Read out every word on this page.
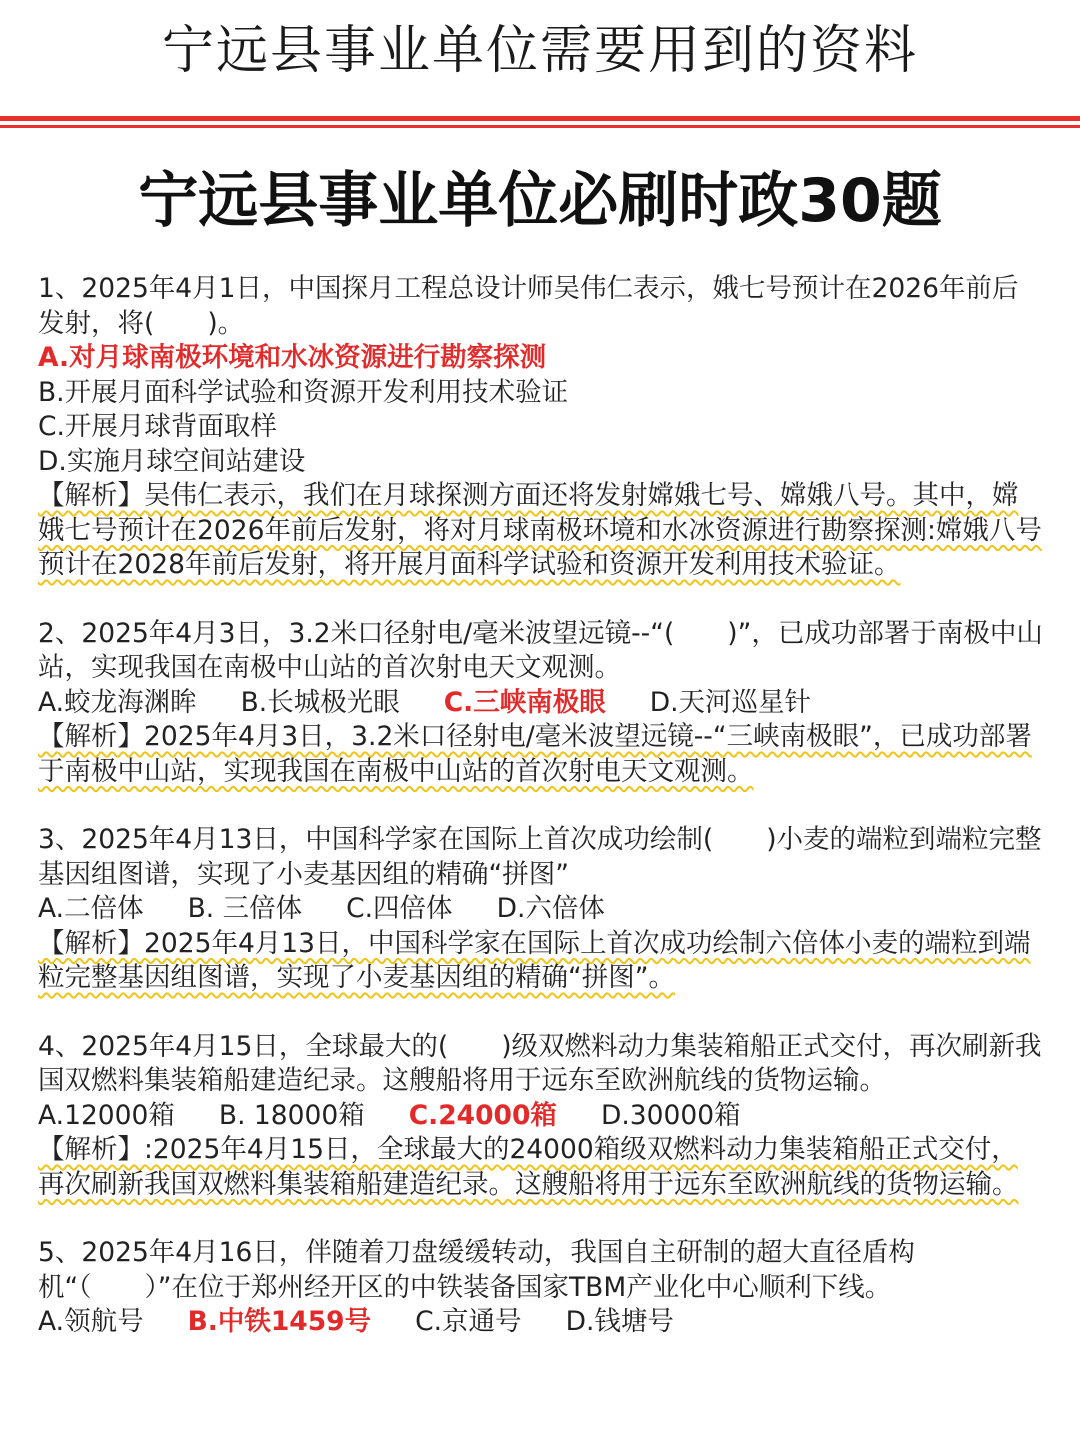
宁远县事业单位需要用到的资料
宁远县事业单位必刷时政30题

1、2025年4月1日，中国探月工程总设计师吴伟仁表示，娥七号预计在2026年前后发射，将(　　)。

A.对月球南极环境和水冰资源进行勘察探测

B.开展月面科学试验和资源开发利用技术验证

C.开展月球背面取样

D.实施月球空间站建设

【解析】吴伟仁表示，我们在月球探测方面还将发射嫦娥七号、嫦娥八号。其中，嫦娥七号预计在2026年前后发射，将对月球南极环境和水冰资源进行勘察探测:嫦娥八号预计在2028年前后发射，将开展月面科学试验和资源开发利用技术验证。

2、2025年4月3日，3.2米口径射电/毫米波望远镜--“(　　)”，已成功部署于南极中山站，实现我国在南极中山站的首次射电天文观测。

A.蛟龙海渊眸 B.长城极光眼 C.三峡南极眼 D.天河巡星针

【解析】2025年4月3日，3.2米口径射电/毫米波望远镜--“三峡南极眼”，已成功部署于南极中山站，实现我国在南极中山站的首次射电天文观测。

3、2025年4月13日，中国科学家在国际上首次成功绘制(　　)小麦的端粒到端粒完整基因组图谱，实现了小麦基因组的精确“拼图”

A.二倍体 B. 三倍体 C.四倍体 D.六倍体

【解析】2025年4月13日，中国科学家在国际上首次成功绘制六倍体小麦的端粒到端粒完整基因组图谱，实现了小麦基因组的精确“拼图”。

4、2025年4月15日，全球最大的(　　)级双燃料动力集装箱船正式交付，再次刷新我国双燃料集装箱船建造纪录。这艘船将用于远东至欧洲航线的货物运输。

A.12000箱 B. 18000箱 C.24000箱 D.30000箱

【解析】:2025年4月15日，全球最大的24000箱级双燃料动力集装箱船正式交付，再次刷新我国双燃料集装箱船建造纪录。这艘船将用于远东至欧洲航线的货物运输。

5、2025年4月16日，伴随着刀盘缓缓转动，我国自主研制的超大直径盾构机“（　　）”在位于郑州经开区的中铁装备国家TBM产业化中心顺利下线。

A.领航号 B.中铁1459号 C.京通号 D.钱塘号
